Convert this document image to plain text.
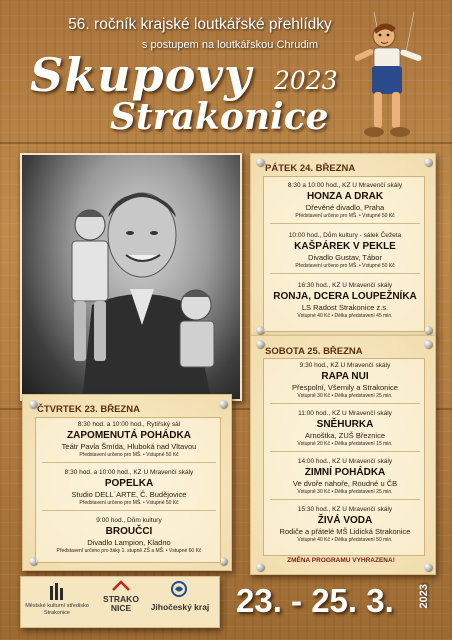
56. ročník krajské loutkářské přehlídky
s postupem na loutkářskou Chrudim
Skupovy 2023
Strakonice
ČTVRTEK 23. BŘEZNA
8:30 hod. a 10:00 hod., Rytířský sál
ZAPOMENUTÁ POHÁDKA
Teátr Pavla Šmída, Hluboká nad Vltavou
Představení určeno pro MŠ. • Vstupné 50 Kč
8:30 hod. a 10:00 hod., KZ U Mravenčí skály
POPELKA
Studio DELL´ARTE, Č. Budějovice
Představení určeno pro MŠ. • Vstupné 50 Kč
9:00 hod., Dům kultury
BROUČCI
Divadlo Lampion, Kladno
Představení určeno pro žáky 1. stupně ZŠ a MŠ. • Vstupné 60 Kč
PÁTEK 24. BŘEZNA
8:30 a 10:00 hod., KZ U Mravenčí skály
HONZA A DRAK
Dřevěné divadlo, Praha
Představení určeno pro MŠ. • Vstupné 50 Kč
10:00 hod., Dům kultury - sálek Čežeta
KAŠPÁREK V PEKLE
Divadlo Gustav, Tábor
Představení určeno pro MŠ. • Vstupné 50 Kč
16:30 hod., KZ U Mravenčí skály
RONJA, DCERA LOUPEŽNÍKA
LS Radost Strakonice z.s.
Vstupné 40 Kč • Délka představení 45 min.
SOBOTA 25. BŘEZNA
9:30 hod., KZ U Mravenčí skály
RAPA NUI
Přespolní, Všemily a Strakonice
Vstupné 30 Kč • Délka představení 25 min.
11:00 hod., KZ U Mravenčí skály
SNĚHURKA
Arnoštka, ZUŠ Březnice
Vstupné 20 Kč • Délka představení 15 min.
14:00 hod., KZ U Mravenčí skály
ZIMNÍ POHÁDKA
Ve dvoře nahoře, Roudné u ČB
Vstupné 30 Kč • Délka představení 25 min.
15:30 hod., KZ U Mravenčí skály
ŽIVÁ VODA
Rodiče a přátelé MŠ Lidická Strakonice
Vstupné 40 Kč • Délka představení 50 min.
ZMĚNA PROGRAMU VYHRAZENA!
Městské kulturní středisko
Strakonice
STRAKO
NICE	Jihočeský kraj 23. - 25. 3. 2023
